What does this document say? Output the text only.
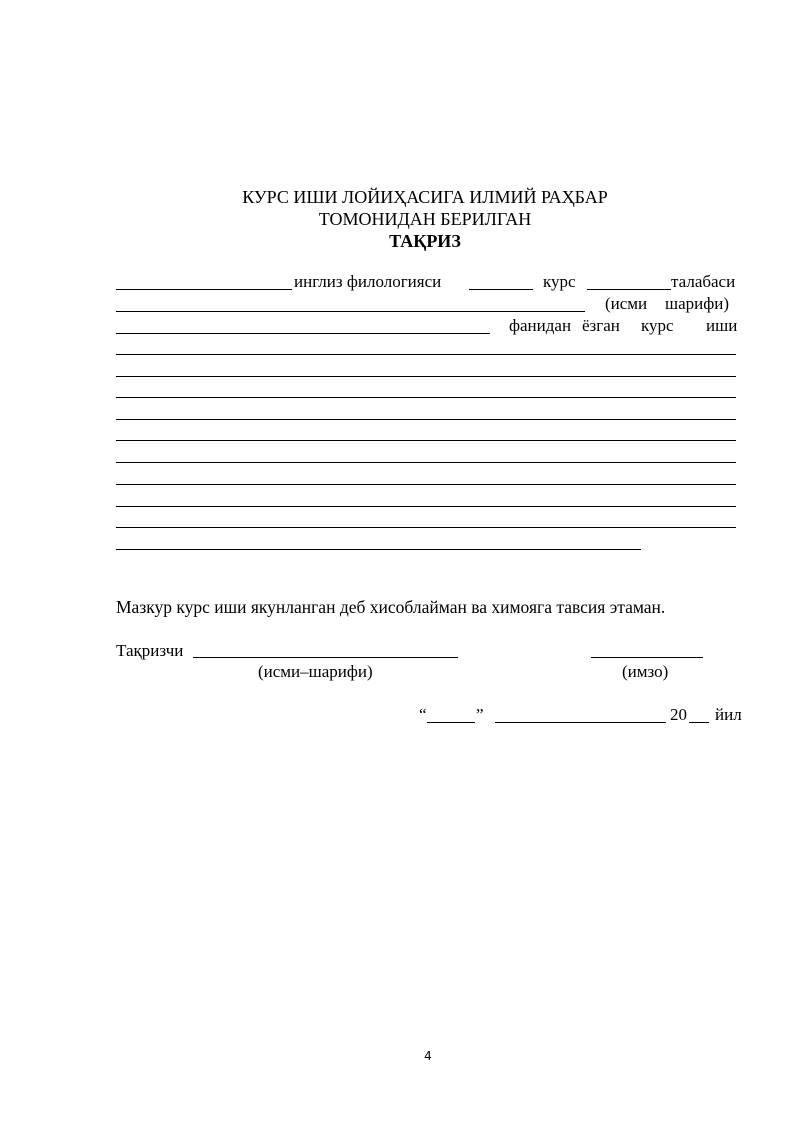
КУРС ИШИ ЛОЙИҲАСИГА ИЛМИЙ РАҲБАР
ТОМОНИДАН БЕРИЛГАН
ТАҚРИЗ
инглиз филологияси	курс	талабаси
(исми шарифи)
фанидан ёзган курс иши
Мазкур курс иши якунланган деб хисоблайман ва химояга тавсия этаман.
Тақризчи
(исми–шарифи)	(имзо)
“	”	20 йил
4
